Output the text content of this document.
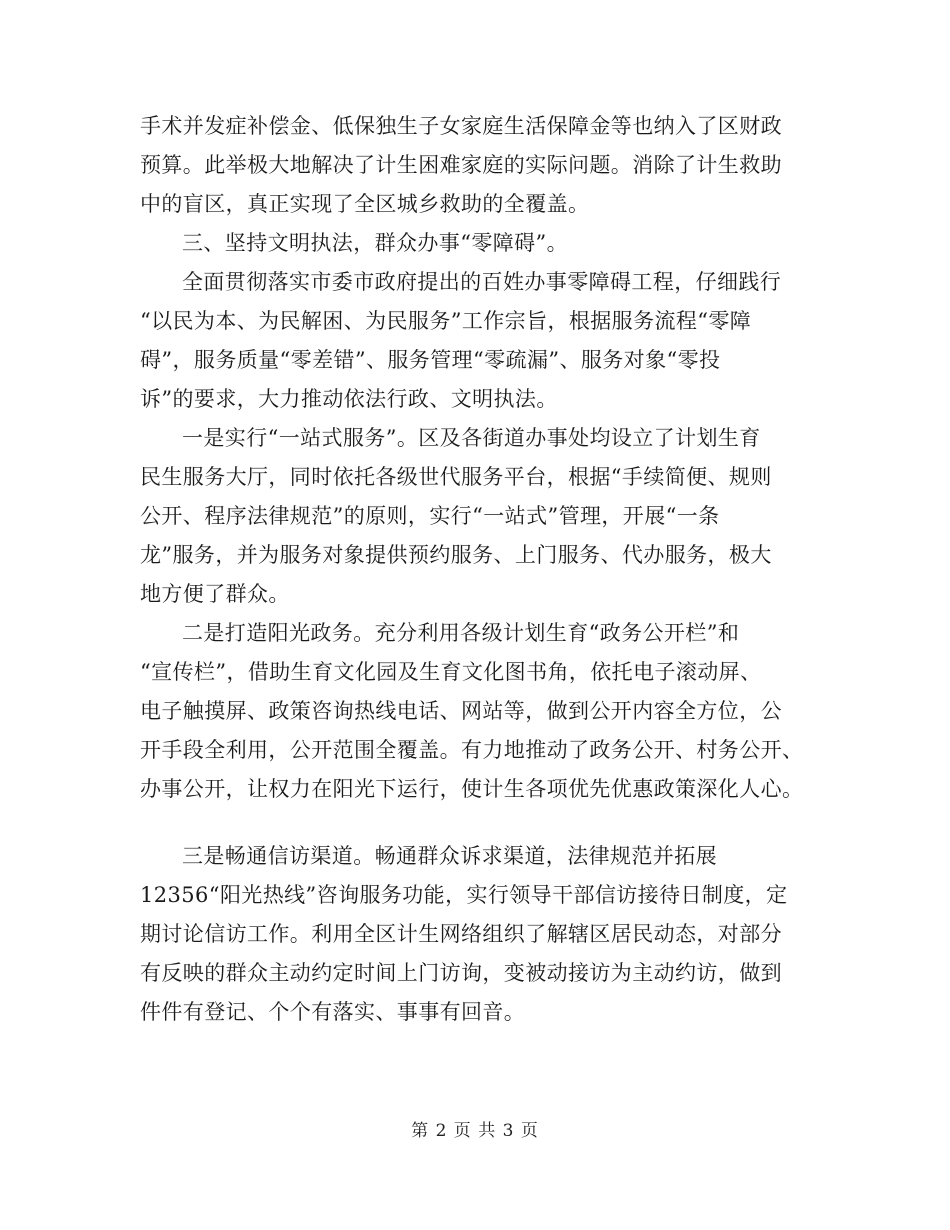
手术并发症补偿金、低保独生子女家庭生活保障金等也纳入了区财政
预算。此举极大地解决了计生困难家庭的实际问题。消除了计生救助
中的盲区，真正实现了全区城乡救助的全覆盖。

三、坚持文明执法，群众办事“零障碍”。

全面贯彻落实市委市政府提出的百姓办事零障碍工程，仔细践行
“以民为本、为民解困、为民服务”工作宗旨，根据服务流程“零障
碍”，服务质量“零差错”、服务管理“零疏漏”、服务对象“零投
诉”的要求，大力推动依法行政、文明执法。

一是实行“一站式服务”。区及各街道办事处均设立了计划生育
民生服务大厅，同时依托各级世代服务平台，根据“手续简便、规则
公开、程序法律规范”的原则，实行“一站式”管理，开展“一条
龙”服务，并为服务对象提供预约服务、上门服务、代办服务，极大
地方便了群众。

二是打造阳光政务。充分利用各级计划生育“政务公开栏”和
“宣传栏”，借助生育文化园及生育文化图书角，依托电子滚动屏、
电子触摸屏、政策咨询热线电话、网站等，做到公开内容全方位，公
开手段全利用，公开范围全覆盖。有力地推动了政务公开、村务公开、
办事公开，让权力在阳光下运行，使计生各项优先优惠政策深化人心。

三是畅通信访渠道。畅通群众诉求渠道，法律规范并拓展
12356“阳光热线”咨询服务功能，实行领导干部信访接待日制度，定
期讨论信访工作。利用全区计生网络组织了解辖区居民动态，对部分
有反映的群众主动约定时间上门访询，变被动接访为主动约访，做到
件件有登记、个个有落实、事事有回音。

第 2 页 共 3 页
